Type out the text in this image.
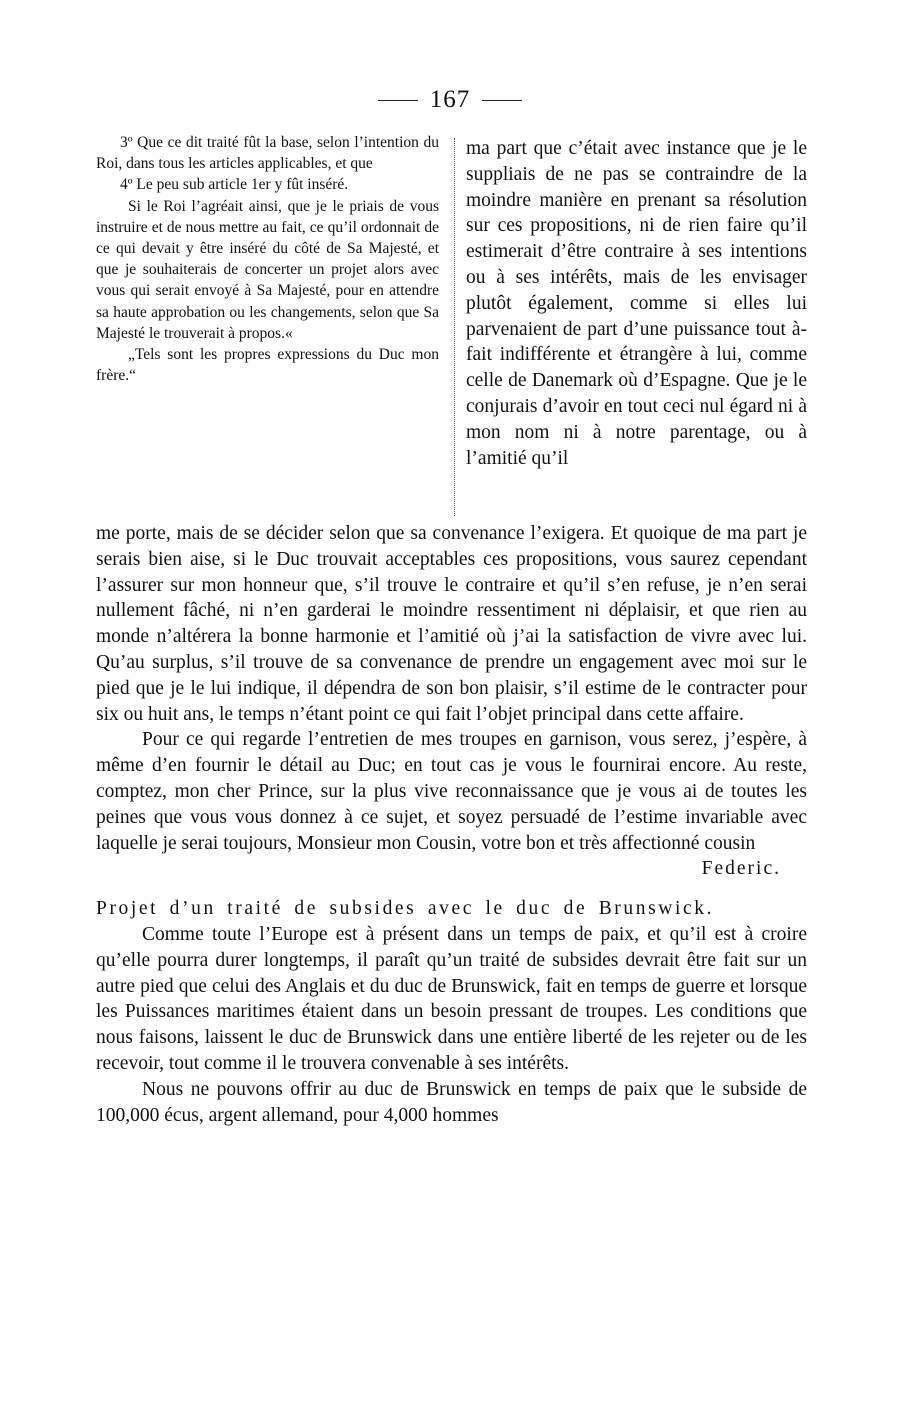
167

3º Que ce dit traité fût la base, selon l’intention du Roi, dans tous les articles applicables, et que

4º Le peu sub article 1er y fût inséré.

Si le Roi l’agréait ainsi, que je le priais de vous instruire et de nous mettre au fait, ce qu’il ordonnait de ce qui devait y être inséré du côté de Sa Majesté, et que je souhaiterais de concerter un projet alors avec vous qui serait envoyé à Sa Majesté, pour en attendre sa haute approbation ou les changements, selon que Sa Majesté le trouverait à propos.«

„Tels sont les propres expressions du Duc mon frère.“

ma part que c’était avec instance que je le suppliais de ne pas se contraindre de la moindre manière en prenant sa résolution sur ces propositions, ni de rien faire qu’il estimerait d’être contraire à ses intentions ou à ses intérêts, mais de les envisager plutôt également, comme si elles lui parvenaient de part d’une puissance tout à-fait indifférente et étrangère à lui, comme celle de Danemark où d’Espagne. Que je le conjurais d’avoir en tout ceci nul égard ni à mon nom ni à notre parentage, ou à l’amitié qu’il

me porte, mais de se décider selon que sa convenance l’exigera. Et quoique de ma part je serais bien aise, si le Duc trouvait acceptables ces propositions, vous saurez cependant l’assurer sur mon honneur que, s’il trouve le contraire et qu’il s’en refuse, je n’en serai nullement fâché, ni n’en garderai le moindre ressentiment ni déplaisir, et que rien au monde n’altérera la bonne harmonie et l’amitié où j’ai la satisfaction de vivre avec lui. Qu’au surplus, s’il trouve de sa convenance de prendre un engagement avec moi sur le pied que je le lui indique, il dépendra de son bon plaisir, s’il estime de le contracter pour six ou huit ans, le temps n’étant point ce qui fait l’objet principal dans cette affaire.

Pour ce qui regarde l’entretien de mes troupes en garnison, vous serez, j’espère, à même d’en fournir le détail au Duc; en tout cas je vous le fournirai encore. Au reste, comptez, mon cher Prince, sur la plus vive reconnaissance que je vous ai de toutes les peines que vous vous donnez à ce sujet, et soyez persuadé de l’estime invariable avec laquelle je serai toujours, Monsieur mon Cousin, votre bon et très affectionné cousin

Federic.

Projet d’un traité de subsides avec le duc de Brunswick.

Comme toute l’Europe est à présent dans un temps de paix, et qu’il est à croire qu’elle pourra durer longtemps, il paraît qu’un traité de subsides devrait être fait sur un autre pied que celui des Anglais et du duc de Brunswick, fait en temps de guerre et lorsque les Puissances maritimes étaient dans un besoin pressant de troupes. Les conditions que nous faisons, laissent le duc de Brunswick dans une entière liberté de les rejeter ou de les recevoir, tout comme il le trouvera convenable à ses intérêts.

Nous ne pouvons offrir au duc de Brunswick en temps de paix que le subside de 100,000 écus, argent allemand, pour 4,000 hommes
